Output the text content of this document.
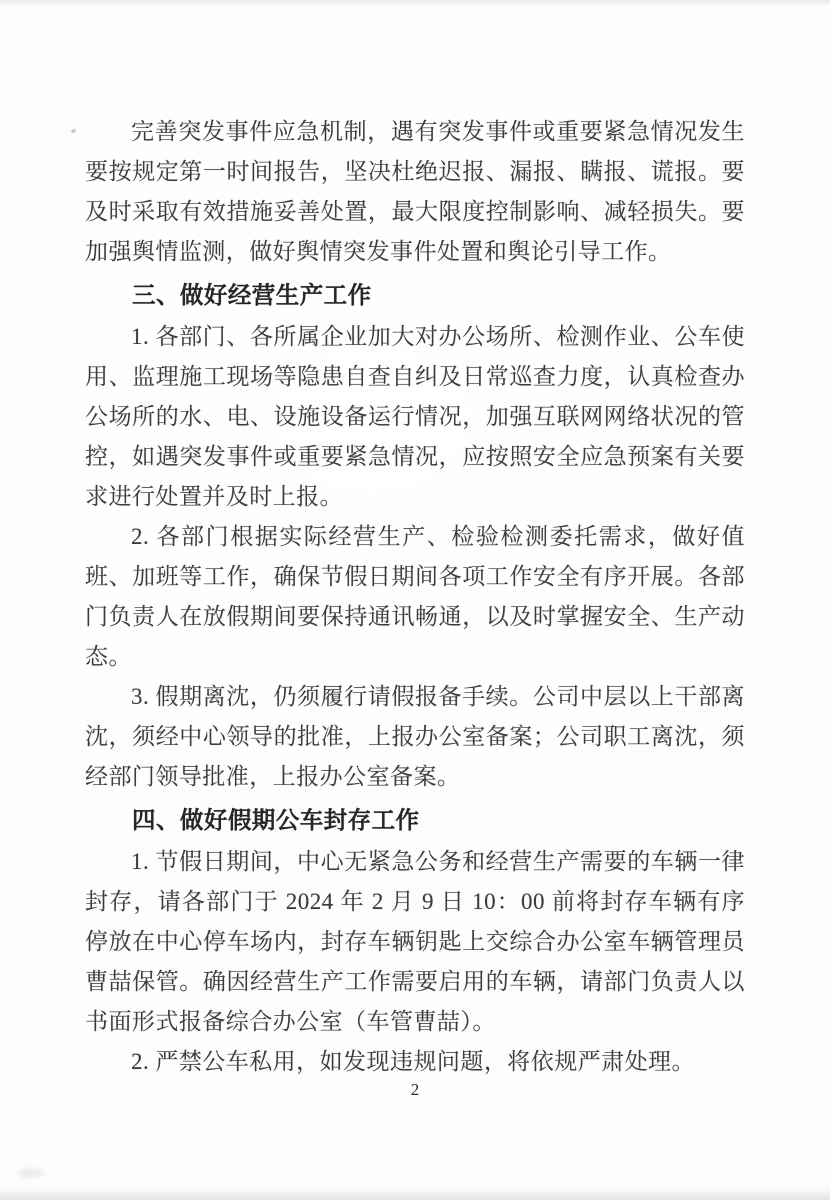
完善突发事件应急机制，遇有突发事件或重要紧急情况发生要按规定第一时间报告，坚决杜绝迟报、漏报、瞒报、谎报。要及时采取有效措施妥善处置，最大限度控制影响、减轻损失。要加强舆情监测，做好舆情突发事件处置和舆论引导工作。

三、做好经营生产工作

1. 各部门、各所属企业加大对办公场所、检测作业、公车使用、监理施工现场等隐患自查自纠及日常巡查力度，认真检查办公场所的水、电、设施设备运行情况，加强互联网网络状况的管控，如遇突发事件或重要紧急情况，应按照安全应急预案有关要求进行处置并及时上报。

2. 各部门根据实际经营生产、检验检测委托需求，做好值班、加班等工作，确保节假日期间各项工作安全有序开展。各部门负责人在放假期间要保持通讯畅通，以及时掌握安全、生产动态。

3. 假期离沈，仍须履行请假报备手续。公司中层以上干部离沈，须经中心领导的批准，上报办公室备案；公司职工离沈，须经部门领导批准，上报办公室备案。

四、做好假期公车封存工作

1. 节假日期间，中心无紧急公务和经营生产需要的车辆一律封存，请各部门于 2024 年 2 月 9 日 10：00 前将封存车辆有序停放在中心停车场内，封存车辆钥匙上交综合办公室车辆管理员曹喆保管。确因经营生产工作需要启用的车辆，请部门负责人以书面形式报备综合办公室（车管曹喆）。

2. 严禁公车私用，如发现违规问题，将依规严肃处理。

2
